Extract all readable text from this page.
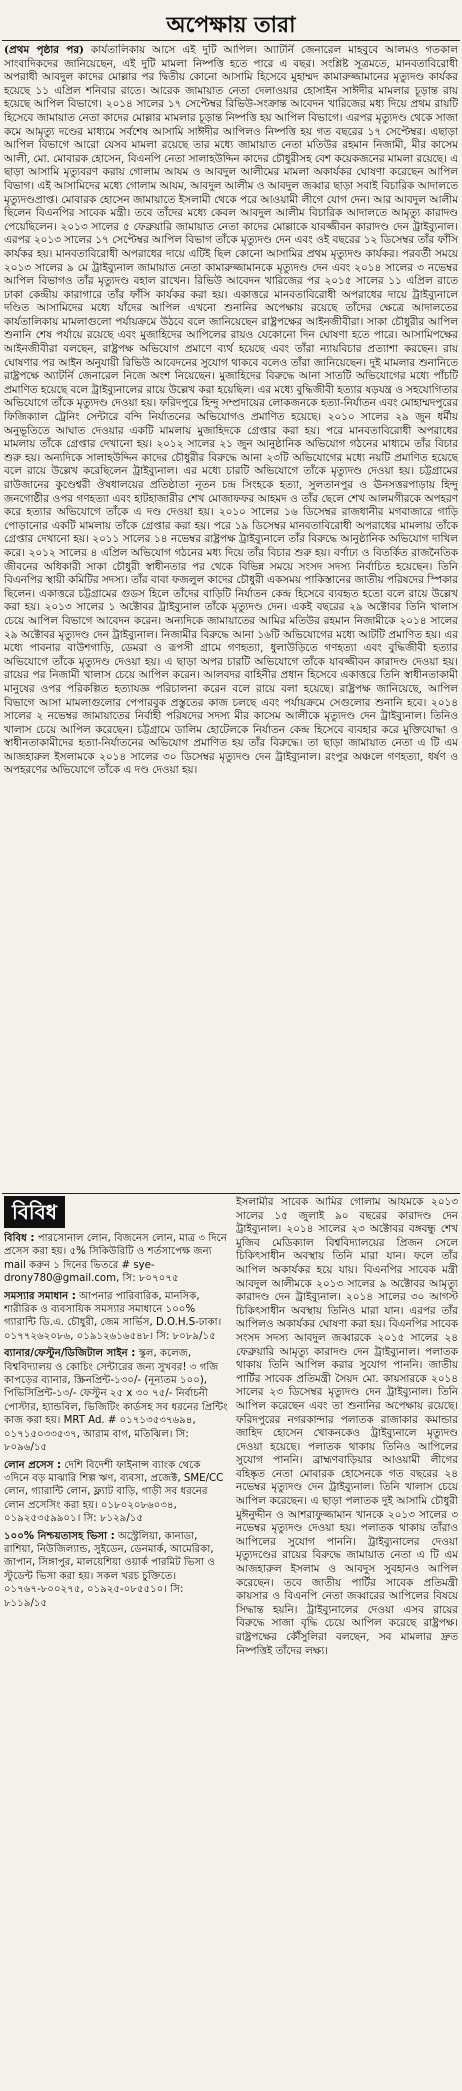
অপেক্ষায় তারা

(প্রথম পৃষ্ঠার পর) কার্যতালিকায় আসে এই দুটি আপিল। অ্যাটর্নি জেনারেল মাহবুবে আলমও গতকাল সাংবাদিকদের জানিয়েছেন, এই দুটি মামলা নিষ্পত্তি হতে পারে এ বছর। সংশ্লিষ্ট সূত্রমতে, মানবতাবিরোধী অপরাধী আবদুল কাদের মোল্লার পর দ্বিতীয় কোনো আসামি হিসেবে মুহাম্মদ কামারুজ্জামানের মৃত্যুদণ্ড কার্যকর হয়েছে ১১ এপ্রিল শনিবার রাতে। আরেক জামায়াত নেতা দেলাওয়ার হোসাইন সাঈদীর মামলার চূড়ান্ত রায় হয়েছে আপিল বিভাগে। ২০১৪ সালের ১৭ সেপ্টেম্বর রিভিউ-সংক্রান্ত আবেদন খারিজের মধ্য দিয়ে প্রথম রায়টি হিসেবে জামায়াত নেতা কাদের মোল্লার মামলার চূড়ান্ত নিষ্পত্তি হয় আপিল বিভাগে। এরপর মৃত্যুদণ্ড থেকে সাজা কমে আমৃত্যু দণ্ডের মাধ্যমে সর্বশেষ আসামি সাঈদীর আপিলও নিষ্পত্তি হয় গত বছরের ১৭ সেপ্টেম্বর। এছাড়া আপিল বিভাগে আরো যেসব মামলা রয়েছে তার মধ্যে জামায়াত নেতা মতিউর রহমান নিজামী, মীর কাসেম আলী, মো. মোবারক হোসেন, বিএনপি নেতা সালাহউদ্দিন কাদের চৌধুরীসহ বেশ কয়েকজনের মামলা রয়েছে। এ ছাড়া আসামি মৃত্যুবরণ করায় গোলাম আযম ও আবদুল আলীমের মামলা অকার্যকর ঘোষণা করেছেন আপিল বিভাগ। এই আসামিদের মধ্যে গোলাম আযম, আবদুল আলীম ও আবদুল জব্বার ছাড়া সবাই বিচারিক আদালতে মৃত্যুদণ্ডপ্রাপ্ত। মোবারক হোসেন জামায়াতে ইসলামী থেকে পরে আওয়ামী লীগে যোগ দেন। আর আবদুল আলীম ছিলেন বিএনপির সাবেক মন্ত্রী। তবে তাঁদের মধ্যে কেবল আবদুল আলীম বিচারিক আদালতে আমৃত্যু কারাদণ্ড পেয়েছিলেন। ২০১৩ সালের ৫ ফেব্রুয়ারি জামায়াত নেতা কাদের মোল্লাকে যাবজ্জীবন কারাদণ্ড দেন ট্রাইব্যুনাল। এরপর ২০১৩ সালের ১৭ সেপ্টেম্বর আপিল বিভাগ তাঁকে মৃত্যুদণ্ড দেন এবং ওই বছরের ১২ ডিসেম্বর তাঁর ফাঁসি কার্যকর হয়। মানবতাবিরোধী অপরাধের দায়ে এটিই ছিল কোনো আসামির প্রথম মৃত্যুদণ্ড কার্যকর। পরবর্তী সময়ে ২০১৩ সালের ৯ মে ট্রাইব্যুনাল জামায়াত নেতা কামারুজ্জামানকে মৃত্যুদণ্ড দেন এবং ২০১৪ সালের ৩ নভেম্বর আপিল বিভাগও তাঁর মৃত্যুদণ্ড বহাল রাখেন। রিভিউ আবেদন খারিজের পর ২০১৫ সালের ১১ এপ্রিল রাতে ঢাকা কেন্দ্রীয় কারাগারে তাঁর ফাঁসি কার্যকর করা হয়। একাত্তরে মানবতাবিরোধী অপরাধের দায়ে ট্রাইব্যুনালে দণ্ডিত আসামিদের মধ্যে যাঁদের আপিল এখনো শুনানির অপেক্ষায় রয়েছে তাঁদের ক্ষেত্রে আদালতের কার্যতালিকায় মামলাগুলো পর্যায়ক্রমে উঠবে বলে জানিয়েছেন রাষ্ট্রপক্ষের আইনজীবীরা। সাকা চৌধুরীর আপিল শুনানি শেষ পর্যায়ে রয়েছে এবং মুজাহিদের আপিলের রায়ও যেকোনো দিন ঘোষণা হতে পারে। আসামিপক্ষের আইনজীবীরা বলছেন, রাষ্ট্রপক্ষ অভিযোগ প্রমাণে ব্যর্থ হয়েছে এবং তাঁরা ন্যায়বিচার প্রত্যাশা করছেন। রায় ঘোষণার পর আইন অনুযায়ী রিভিউ আবেদনের সুযোগ থাকবে বলেও তাঁরা জানিয়েছেন। দুই মামলার শুনানিতে রাষ্ট্রপক্ষে অ্যাটর্নি জেনারেল নিজে অংশ নিয়েছেন। মুজাহিদের বিরুদ্ধে আনা সাতটি অভিযোগের মধ্যে পাঁচটি প্রমাণিত হয়েছে বলে ট্রাইব্যুনালের রায়ে উল্লেখ করা হয়েছিল। এর মধ্যে বুদ্ধিজীবী হত্যার ষড়যন্ত্র ও সহযোগিতার অভিযোগে তাঁকে মৃত্যুদণ্ড দেওয়া হয়। ফরিদপুরে হিন্দু সম্প্রদায়ের লোকজনকে হত্যা-নির্যাতন এবং মোহাম্মদপুরের ফিজিক্যাল ট্রেনিং সেন্টারে বন্দি নির্যাতনের অভিযোগও প্রমাণিত হয়েছে। ২০১০ সালের ২৯ জুন ধর্মীয় অনুভূতিতে আঘাত দেওয়ার একটি মামলায় মুজাহিদকে গ্রেপ্তার করা হয়। পরে মানবতাবিরোধী অপরাধের মামলায় তাঁকে গ্রেপ্তার দেখানো হয়। ২০১২ সালের ২১ জুন আনুষ্ঠানিক অভিযোগ গঠনের মাধ্যমে তাঁর বিচার শুরু হয়। অন্যদিকে সালাহউদ্দিন কাদের চৌধুরীর বিরুদ্ধে আনা ২৩টি অভিযোগের মধ্যে নয়টি প্রমাণিত হয়েছে বলে রায়ে উল্লেখ করেছিলেন ট্রাইব্যুনাল। এর মধ্যে চারটি অভিযোগে তাঁকে মৃত্যুদণ্ড দেওয়া হয়। চট্টগ্রামের রাউজানের কুণ্ডেশ্বরী ঔষধালয়ের প্রতিষ্ঠাতা নূতন চন্দ্র সিংহকে হত্যা, সুলতানপুর ও ঊনসত্তরপাড়ায় হিন্দু জনগোষ্ঠীর ওপর গণহত্যা এবং হাটহাজারীর শেখ মোজাফফর আহমদ ও তাঁর ছেলে শেখ আলমগীরকে অপহরণ করে হত্যার অভিযোগে তাঁকে এ দণ্ড দেওয়া হয়। ২০১০ সালের ১৬ ডিসেম্বর রাজধানীর মগবাজারে গাড়ি পোড়ানোর একটি মামলায় তাঁকে গ্রেপ্তার করা হয়। পরে ১৯ ডিসেম্বর মানবতাবিরোধী অপরাধের মামলায় তাঁকে গ্রেপ্তার দেখানো হয়। ২০১১ সালের ১৪ নভেম্বর রাষ্ট্রপক্ষ ট্রাইব্যুনালে তাঁর বিরুদ্ধে আনুষ্ঠানিক অভিযোগ দাখিল করে। ২০১২ সালের ৪ এপ্রিল অভিযোগ গঠনের মধ্য দিয়ে তাঁর বিচার শুরু হয়। বর্ণাঢ্য ও বিতর্কিত রাজনৈতিক জীবনের অধিকারী সাকা চৌধুরী স্বাধীনতার পর থেকে বিভিন্ন সময়ে সংসদ সদস্য নির্বাচিত হয়েছেন। তিনি বিএনপির স্থায়ী কমিটির সদস্য। তাঁর বাবা ফজলুল কাদের চৌধুরী একসময় পাকিস্তানের জাতীয় পরিষদের স্পিকার ছিলেন। একাত্তরে চট্টগ্রামের গুডস হিলে তাঁদের বাড়িটি নির্যাতন কেন্দ্র হিসেবে ব্যবহৃত হতো বলে রায়ে উল্লেখ করা হয়। ২০১৩ সালের ১ অক্টোবর ট্রাইব্যুনাল তাঁকে মৃত্যুদণ্ড দেন। একই বছরের ২৯ অক্টোবর তিনি খালাস চেয়ে আপিল বিভাগে আবেদন করেন। অন্যদিকে জামায়াতের আমির মতিউর রহমান নিজামীকে ২০১৪ সালের ২৯ অক্টোবর মৃত্যুদণ্ড দেন ট্রাইব্যুনাল। নিজামীর বিরুদ্ধে আনা ১৬টি অভিযোগের মধ্যে আটটি প্রমাণিত হয়। এর মধ্যে পাবনার বাউশগাড়ি, ডেমরা ও রূপসী গ্রামে গণহত্যা, ধুলাউড়িতে গণহত্যা এবং বুদ্ধিজীবী হত্যার অভিযোগে তাঁকে মৃত্যুদণ্ড দেওয়া হয়। এ ছাড়া অপর চারটি অভিযোগে তাঁকে যাবজ্জীবন কারাদণ্ড দেওয়া হয়। রায়ের পর নিজামী খালাস চেয়ে আপিল করেন। আলবদর বাহিনীর প্রধান হিসেবে একাত্তরে তিনি স্বাধীনতাকামী মানুষের ওপর পরিকল্পিত হত্যাযজ্ঞ পরিচালনা করেন বলে রায়ে বলা হয়েছে। রাষ্ট্রপক্ষ জানিয়েছে, আপিল বিভাগে আসা মামলাগুলোর পেপারবুক প্রস্তুতের কাজ চলছে এবং পর্যায়ক্রমে সেগুলোর শুনানি হবে। ২০১৪ সালের ২ নভেম্বর জামায়াতের নির্বাহী পরিষদের সদস্য মীর কাসেম আলীকে মৃত্যুদণ্ড দেন ট্রাইব্যুনাল। তিনিও খালাস চেয়ে আপিল করেছেন। চট্টগ্রামে ডালিম হোটেলকে নির্যাতন কেন্দ্র হিসেবে ব্যবহার করে মুক্তিযোদ্ধা ও স্বাধীনতাকামীদের হত্যা-নির্যাতনের অভিযোগ প্রমাণিত হয় তাঁর বিরুদ্ধে। তা ছাড়া জামায়াত নেতা এ টি এম আজহারুল ইসলামকে ২০১৪ সালের ৩০ ডিসেম্বর মৃত্যুদণ্ড দেন ট্রাইব্যুনাল। রংপুর অঞ্চলে গণহত্যা, ধর্ষণ ও অপহরণের অভিযোগে তাঁকে এ দণ্ড দেওয়া হয়।

বিবিধ

বিবিধ : পারসোনাল লোন, বিজনেস লোন, মাত্র ৩ দিনে প্রসেস করা হয়। ৫% সিকিউরিটি ও শর্তসাপেক্ষ জন্য mail করুন ১ দিনের ভিতরে # sye-drony780@gmail.com, সি: ৮০৭০৭৫

সমস্যার সমাধান : আপনার পারিবারিক, মানসিক, শারীরিক ও ব্যবসায়িক সমস্যার সমাধানে ১০০% গ্যারান্টি ডি.এ. চৌধুরী, জেম সার্ভিস, D.O.H.S-ঢাকা। ০১৭৭২৬২০৮৬, ০১৯১২৬১৬৫৪৮। সি: ৮০৮৯/১৫

ব্যানার/ফেস্টুন/ডিজিটাল সাইন : স্কুল, কলেজ, বিশ্ববিদ্যালয় ও কোচিং সেন্টারের জন্য সুখবর! ৩ গজি কাপড়ের ব্যানার, স্ক্রিনপ্রিন্ট-১৩০/- (নূন্যতম ১০০), পিভিসিপ্রিন্ট-১৩/- ফেস্টুন ২৫ x ৩০ ৭৫/- নির্বাচনী পোস্টার, হ্যান্ডবিল, ভিজিটিং কার্ডসহ সব ধরনের প্রিন্টিং কাজ করা হয়। MRT Ad. # ০১৭১৩৫৩৭৬৯৪, ০১৭১৫০৩৩৫৩৭, আরাম বাগ, মতিঝিল। সি: ৮০৯৬/১৫

লোন প্রসেস : দেশি বিদেশী ফাইনান্স ব্যাংক থেকে ৩দিনে বড় মাঝারি শিল্প ঋণ, ব্যবসা, প্রজেক্ট, SME/CC লোন, গ্যারান্টি লোন, ফ্ল্যাট বাড়ি, গাড়ী সব ধরনের লোন প্রসেসিং করা হয়। ০১৮০২০৮৬০৩৪, ০১৯২৫৩৫৯৯০১। সি: ৮১২৯/১৫

১০০% নিশ্চয়তাসহ ভিসা : অস্ট্রেলিয়া, কানাডা, রাশিয়া, নিউজিল্যান্ড, সুইডেন, ডেনমার্ক, আমেরিকা, জাপান, সিঙ্গাপুর, মালয়েশিয়া ওয়ার্ক পারমিট ভিসা ও স্টুডেন্ট ভিসা করা হয়। সকল খরচ চুক্তিতে। ০১৭৬৭-৮০০২৭৫, ০১৯২৫-০৮৫৫১০। সি: ৮১১৯/১৫

ইসলামীর সাবেক আমির গোলাম আযমকে ২০১৩ সালের ১৫ জুলাই ৯০ বছরের কারাদণ্ড দেন ট্রাইব্যুনাল। ২০১৪ সালের ২৩ অক্টোবর বঙ্গবন্ধু শেখ মুজিব মেডিক্যাল বিশ্ববিদ্যালয়ের প্রিজন সেলে চিকিৎসাধীন অবস্থায় তিনি মারা যান। ফলে তাঁর আপিল অকার্যকর হয়ে যায়। বিএনপির সাবেক মন্ত্রী আবদুল আলীমকে ২০১৩ সালের ৯ অক্টোবর আমৃত্যু কারাদণ্ড দেন ট্রাইব্যুনাল। ২০১৪ সালের ৩০ আগস্ট চিকিৎসাধীন অবস্থায় তিনিও মারা যান। এরপর তাঁর আপিলও অকার্যকর ঘোষণা করা হয়। বিএনপির সাবেক সংসদ সদস্য আবদুল জব্বারকে ২০১৫ সালের ২৪ ফেব্রুয়ারি আমৃত্যু কারাদণ্ড দেন ট্রাইব্যুনাল। পলাতক থাকায় তিনি আপিল করার সুযোগ পাননি। জাতীয় পার্টির সাবেক প্রতিমন্ত্রী সৈয়দ মো. কায়সারকে ২০১৪ সালের ২৩ ডিসেম্বর মৃত্যুদণ্ড দেন ট্রাইব্যুনাল। তিনি আপিল করেছেন এবং তা শুনানির অপেক্ষায় রয়েছে। ফরিদপুরের নগরকান্দার পলাতক রাজাকার কমান্ডার জাহিদ হোসেন খোকনকেও ট্রাইব্যুনালে মৃত্যুদণ্ড দেওয়া হয়েছে। পলাতক থাকায় তিনিও আপিলের সুযোগ পাননি। ব্রাহ্মণবাড়িয়ার আওয়ামী লীগের বহিষ্কৃত নেতা মোবারক হোসেনকে গত বছরের ২৪ নভেম্বর মৃত্যুদণ্ড দেন ট্রাইব্যুনাল। তিনি খালাস চেয়ে আপিল করেছেন। এ ছাড়া পলাতক দুই আসামি চৌধুরী মুঈনুদ্দীন ও আশরাফুজ্জামান খানকে ২০১৩ সালের ৩ নভেম্বর মৃত্যুদণ্ড দেওয়া হয়। পলাতক থাকায় তাঁরাও আপিলের সুযোগ পাননি। ট্রাইব্যুনালের দেওয়া মৃত্যুদণ্ডের রায়ের বিরুদ্ধে জামায়াত নেতা এ টি এম আজহারুল ইসলাম ও আবদুস সুবহানও আপিল করেছেন। তবে জাতীয় পার্টির সাবেক প্রতিমন্ত্রী কায়সার ও বিএনপি নেতা জব্বারের আপিলের বিষয়ে সিদ্ধান্ত হয়নি। ট্রাইব্যুনালের দেওয়া এসব রায়ের বিরুদ্ধে সাজা বৃদ্ধি চেয়ে আপিল করেছে রাষ্ট্রপক্ষ। রাষ্ট্রপক্ষের কৌঁসুলিরা বলছেন, সব মামলার দ্রুত নিষ্পত্তিই তাঁদের লক্ষ্য।
